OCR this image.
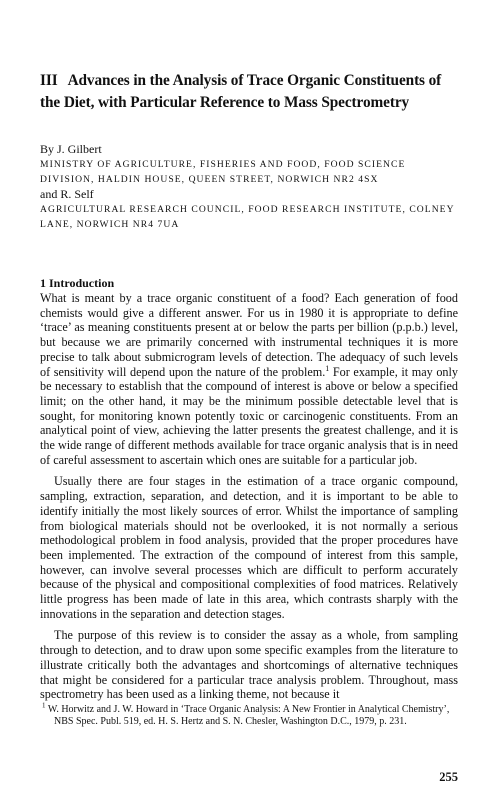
III Advances in the Analysis of Trace Organic Constituents of the Diet, with Particular Reference to Mass Spectrometry
By J. Gilbert
MINISTRY OF AGRICULTURE, FISHERIES AND FOOD, FOOD SCIENCE DIVISION, HALDIN HOUSE, QUEEN STREET, NORWICH NR2 4SX
and R. Self
AGRICULTURAL RESEARCH COUNCIL, FOOD RESEARCH INSTITUTE, COLNEY LANE, NORWICH NR4 7UA
1 Introduction

What is meant by a trace organic constituent of a food? Each generation of food chemists would give a different answer. For us in 1980 it is appropriate to define ‘trace’ as meaning constituents present at or below the parts per billion (p.p.b.) level, but because we are primarily concerned with instrumental techniques it is more precise to talk about submicrogram levels of detection. The adequacy of such levels of sensitivity will depend upon the nature of the problem.$^1$ For example, it may only be necessary to establish that the compound of interest is above or below a specified limit; on the other hand, it may be the minimum possible detectable level that is sought, for monitoring known potently toxic or carcinogenic constituents. From an analytical point of view, achieving the latter presents the greatest challenge, and it is the wide range of different methods available for trace organic analysis that is in need of careful assessment to ascertain which ones are suitable for a particular job.

Usually there are four stages in the estimation of a trace organic compound, sampling, extraction, separation, and detection, and it is important to be able to identify initially the most likely sources of error. Whilst the importance of sampling from biological materials should not be overlooked, it is not normally a serious methodological problem in food analysis, provided that the proper procedures have been implemented. The extraction of the compound of interest from this sample, however, can involve several processes which are difficult to perform accurately because of the physical and compositional complexities of food matrices. Relatively little progress has been made of late in this area, which contrasts sharply with the innovations in the separation and detection stages.

The purpose of this review is to consider the assay as a whole, from sampling through to detection, and to draw upon some specific examples from the literature to illustrate critically both the advantages and shortcomings of alternative techniques that might be considered for a particular trace analysis problem. Throughout, mass spectrometry has been used as a linking theme, not because it

$^1$ W. Horwitz and J. W. Howard in ‘Trace Organic Analysis: A New Frontier in Analytical Chemistry’, NBS Spec. Publ. 519, ed. H. S. Hertz and S. N. Chesler, Washington D.C., 1979, p. 231.
255
